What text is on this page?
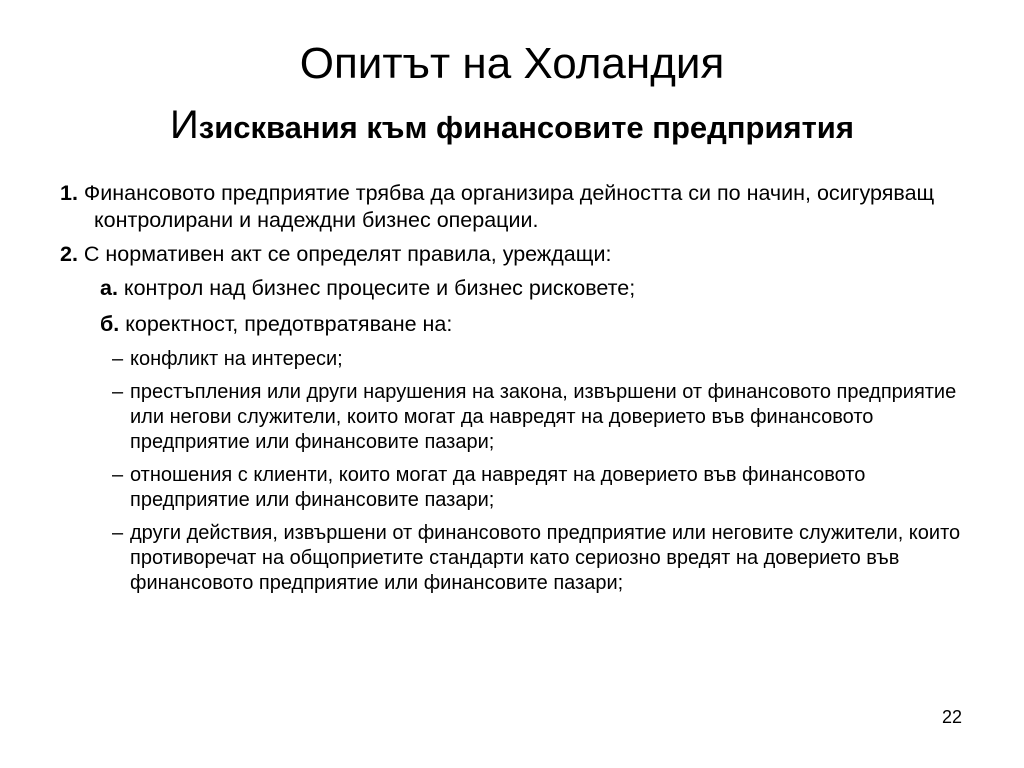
Опитът на Холандия
Изисквания към финансовите предприятия
1. Финансовото предприятие трябва да организира дейността си по начин, осигуряващ контролирани и надеждни бизнес операции.
2. С нормативен акт се определят правила, уреждащи:
а. контрол над бизнес процесите и бизнес рисковете;
б. коректност, предотвратяване на:
– конфликт на интереси;
– престъпления или други нарушения на закона, извършени от финансовото предприятие или негови служители, които могат да навредят на доверието във финансовото предприятие или финансовите пазари;
– отношения с клиенти, които могат да навредят на доверието във финансовото предприятие или финансовите пазари;
– други действия, извършени от финансовото предприятие или неговите служители, които противоречат на общоприетите стандарти като сериозно вредят на доверието във финансовото предприятие или финансовите пазари;
22
